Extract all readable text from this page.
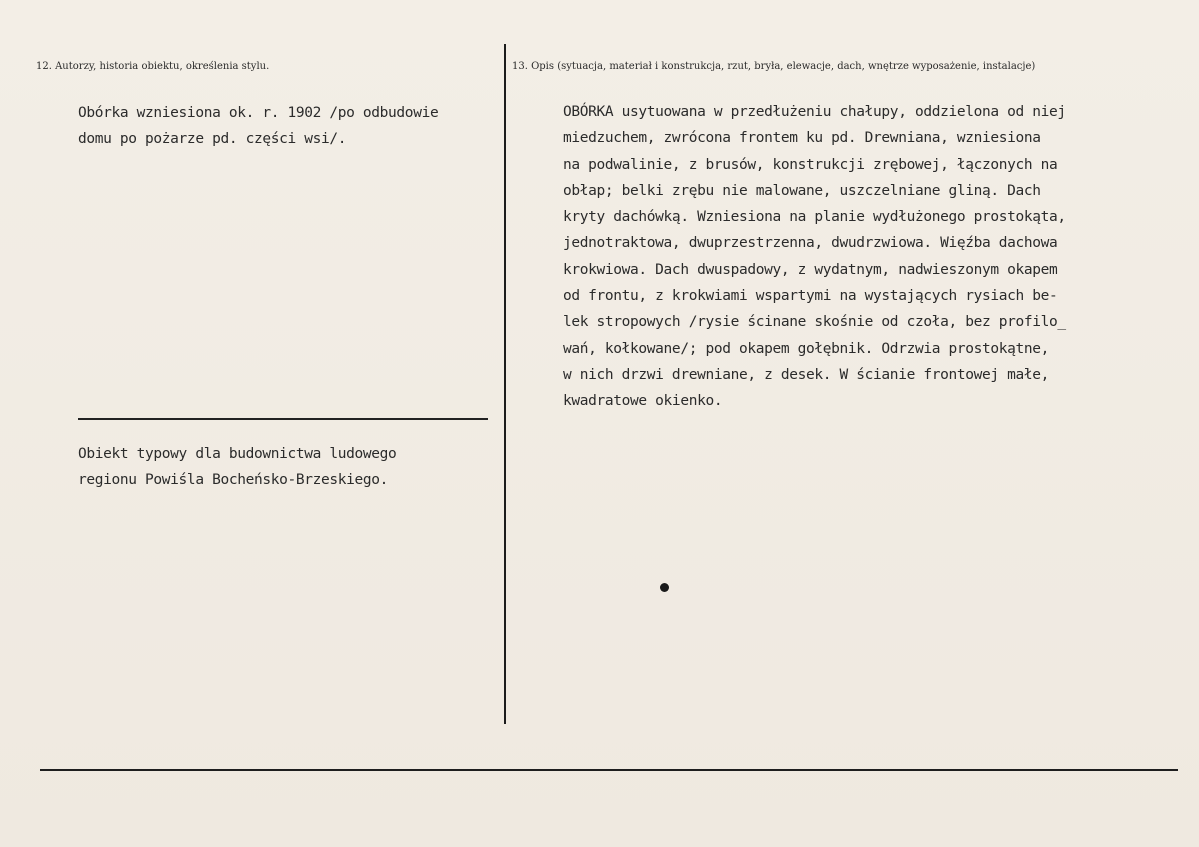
12. Autorzy, historia obiektu, określenia stylu.	13. Opis (sytuacja, materiał i konstrukcja, rzut, bryła, elewacje, dach, wnętrze wyposażenie, instalacje)
Obórka wzniesiona ok. r. 1902 /po odbudowie
domu po pożarze pd. części wsi/.
Obiekt typowy dla budownictwa ludowego
regionu Powiśla Bocheńsko-Brzeskiego.
OBÓRKA usytuowana w przedłużeniu chałupy, oddzielona od niej
miedzuchem, zwrócona frontem ku pd. Drewniana, wzniesiona
na podwalinie, z brusów, konstrukcji zrębowej, łączonych na
obłap; belki zrębu nie malowane, uszczelniane gliną. Dach
kryty dachówką. Wzniesiona na planie wydłużonego prostokąta,
jednotraktowa, dwuprzestrzenna, dwudrzwiowa. Więźba dachowa
krokwiowa. Dach dwuspadowy, z wydatnym, nadwieszonym okapem
od frontu, z krokwiami wspartymi na wystających rysiach be-
lek stropowych /rysie ścinane skośnie od czoła, bez profilo_
wań, kołkowane/; pod okapem gołębnik. Odrzwia prostokątne,
w nich drzwi drewniane, z desek. W ścianie frontowej małe,
kwadratowe okienko.
